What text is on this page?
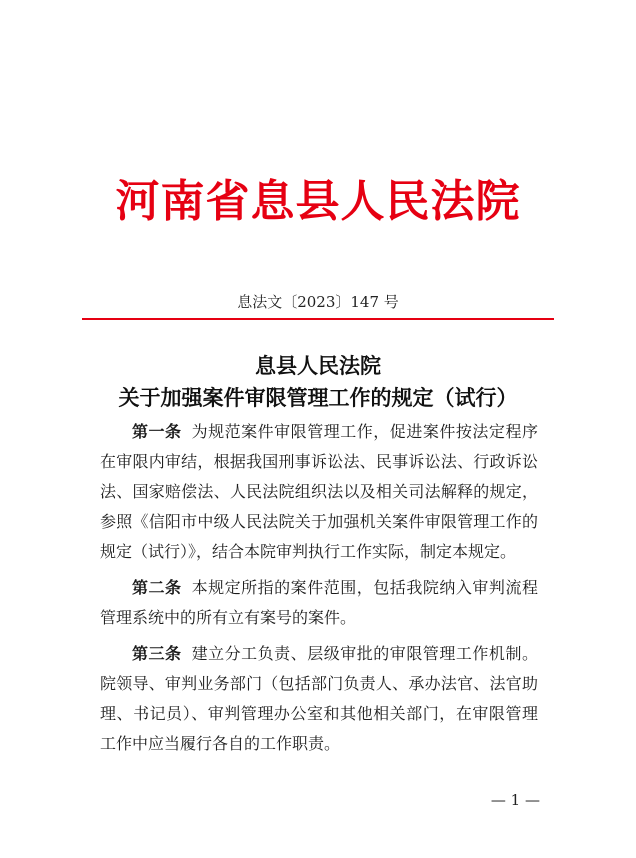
河南省息县人民法院
息法文〔2023〕147 号
息县人民法院
关于加强案件审限管理工作的规定（试行）

第一条 为规范案件审限管理工作，促进案件按法定程序在审限内审结，根据我国刑事诉讼法、民事诉讼法、行政诉讼法、国家赔偿法、人民法院组织法以及相关司法解释的规定，参照《信阳市中级人民法院关于加强机关案件审限管理工作的规定（试行）》，结合本院审判执行工作实际，制定本规定。

第二条 本规定所指的案件范围，包括我院纳入审判流程管理系统中的所有立有案号的案件。

第三条 建立分工负责、层级审批的审限管理工作机制。院领导、审判业务部门（包括部门负责人、承办法官、法官助理、书记员）、审判管理办公室和其他相关部门，在审限管理工作中应当履行各自的工作职责。

— 1 —
